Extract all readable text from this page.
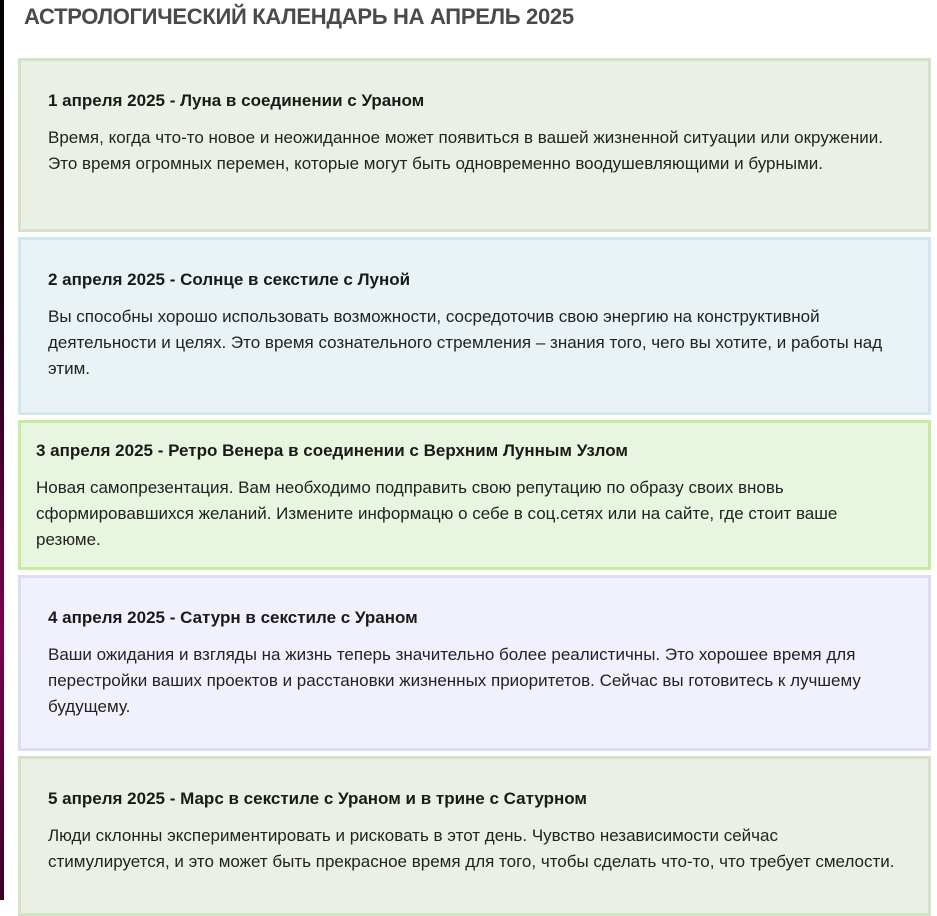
АСТРОЛОГИЧЕСКИЙ КАЛЕНДАРЬ НА АПРЕЛЬ 2025
1 апреля 2025 - Луна в соединении с Ураном

Время, когда что-то новое и неожиданное может появиться в вашей жизненной ситуации или окружении. Это время огромных перемен, которые могут быть одновременно воодушевляющими и бурными.

2 апреля 2025 - Солнце в секстиле с Луной

Вы способны хорошо использовать возможности, сосредоточив свою энергию на конструктивной деятельности и целях. Это время сознательного стремления – знания того, чего вы хотите, и работы над этим.

3 апреля 2025 - Ретро Венера в соединении с Верхним Лунным Узлом

Новая самопрезентация. Вам необходимо подправить свою репутацию по образу своих вновь сформировавшихся желаний. Измените информацю о себе в соц.сетях или на сайте, где стоит ваше резюме.

4 апреля 2025 - Сатурн в секстиле с Ураном

Ваши ожидания и взгляды на жизнь теперь значительно более реалистичны. Это хорошее время для перестройки ваших проектов и расстановки жизненных приоритетов. Сейчас вы готовитесь к лучшему будущему.

5 апреля 2025 - Марс в секстиле с Ураном и в трине с Сатурном

Люди склонны экспериментировать и рисковать в этот день. Чувство независимости сейчас стимулируется, и это может быть прекрасное время для того, чтобы сделать что-то, что требует смелости.
